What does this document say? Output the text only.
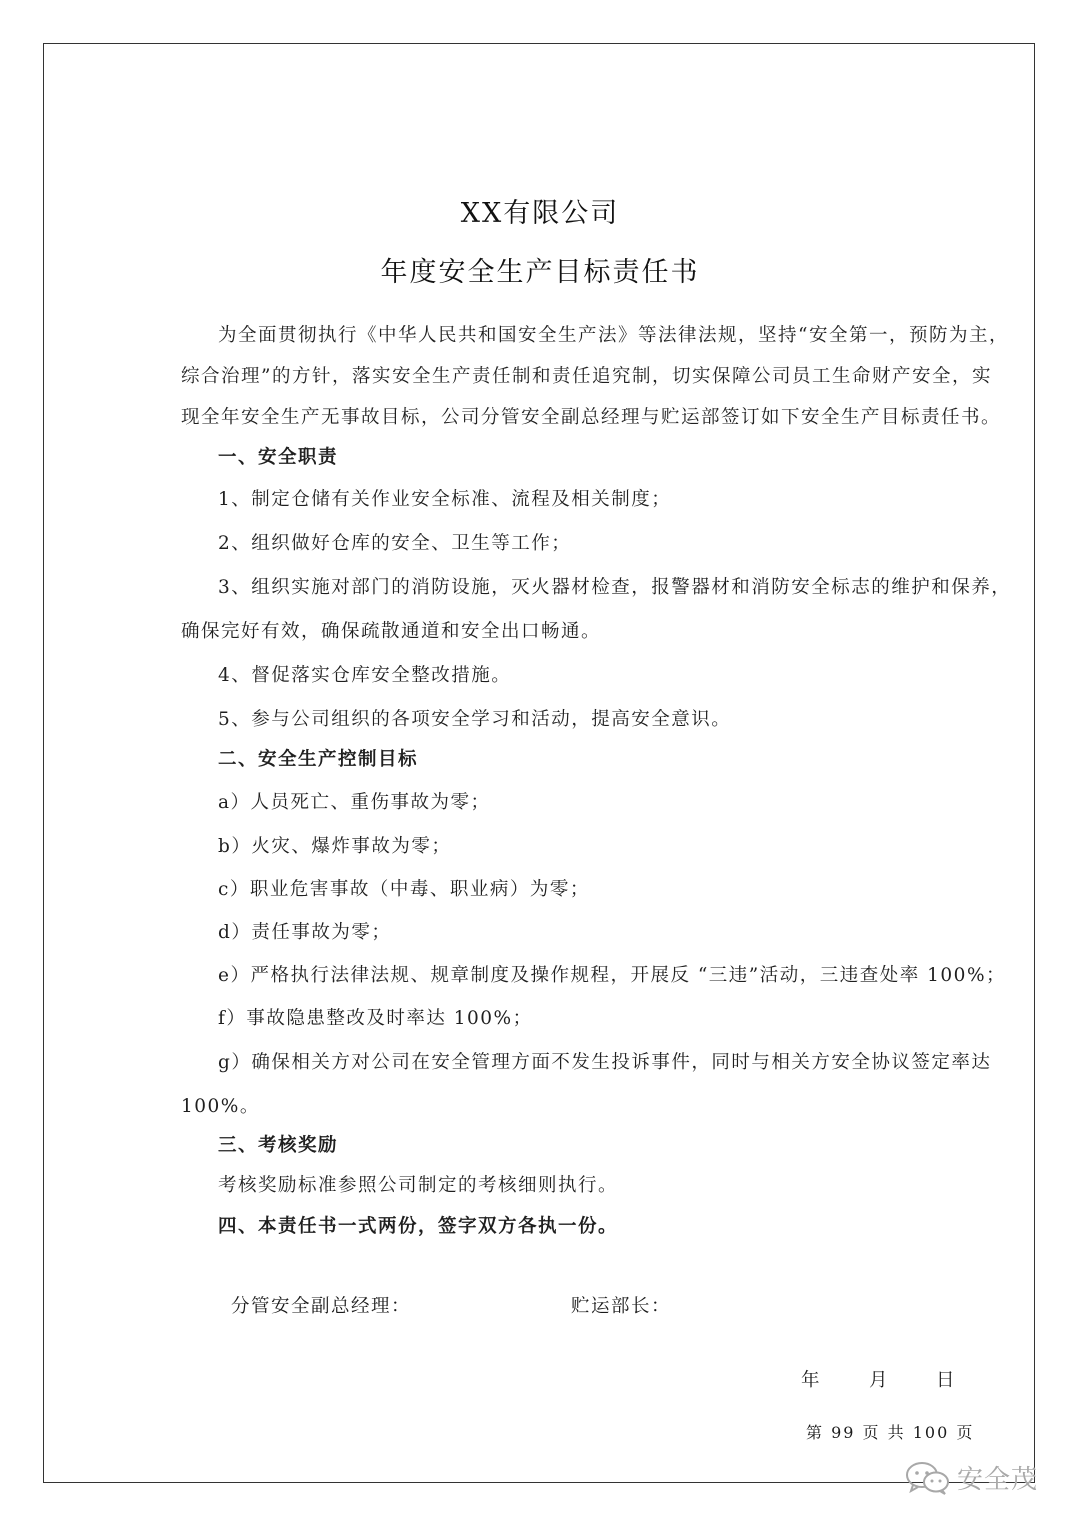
XX有限公司
年度安全生产目标责任书
为全面贯彻执行《中华人民共和国安全生产法》等法律法规，坚持“安全第一，预防为主，
综合治理”的方针，落实安全生产责任制和责任追究制，切实保障公司员工生命财产安全，实
现全年安全生产无事故目标，公司分管安全副总经理与贮运部签订如下安全生产目标责任书。
一、安全职责
1、制定仓储有关作业安全标准、流程及相关制度；
2、组织做好仓库的安全、卫生等工作；
3、组织实施对部门的消防设施，灭火器材检查，报警器材和消防安全标志的维护和保养，
确保完好有效，确保疏散通道和安全出口畅通。
4、督促落实仓库安全整改措施。
5、参与公司组织的各项安全学习和活动，提高安全意识。
二、安全生产控制目标
a）人员死亡、重伤事故为零；
b）火灾、爆炸事故为零；
c）职业危害事故（中毒、职业病）为零；
d）责任事故为零；
e）严格执行法律法规、规章制度及操作规程，开展反 “三违”活动，三违查处率 100%；
f）事故隐患整改及时率达 100%；
g）确保相关方对公司在安全管理方面不发生投诉事件，同时与相关方安全协议签定率达
100%。
三、考核奖励
考核奖励标准参照公司制定的考核细则执行。
四、本责任书一式两份，签字双方各执一份。
分管安全副总经理：	贮运部长：
年	月	日
第 99 页 共 100 页
安全茂
